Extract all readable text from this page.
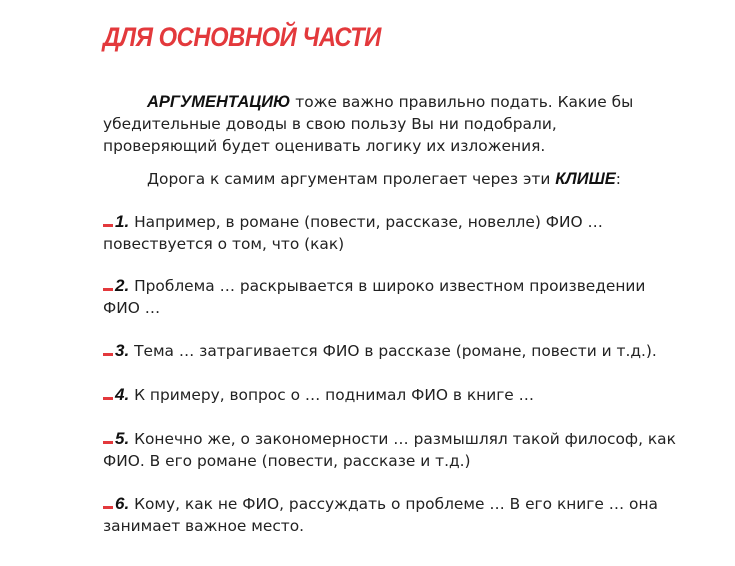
ДЛЯ ОСНОВНОЙ ЧАСТИ
АРГУМЕНТАЦИЮ тоже важно правильно подать. Какие бы
убедительные доводы в свою пользу Вы ни подобрали,
проверяющий будет оценивать логику их изложения.
Дорога к самим аргументам пролегает через эти КЛИШЕ:
1. Например, в романе (повести, рассказе, новелле) ФИО …
повествуется о том, что (как)
2. Проблема … раскрывается в широко известном произведении
ФИО …
3. Тема … затрагивается ФИО в рассказе (романе, повести и т.д.).
4. К примеру, вопрос о … поднимал ФИО в книге …
5. Конечно же, о закономерности … размышлял такой философ, как
ФИО. В его романе (повести, рассказе и т.д.)
6. Кому, как не ФИО, рассуждать о проблеме … В его книге … она
занимает важное место.
